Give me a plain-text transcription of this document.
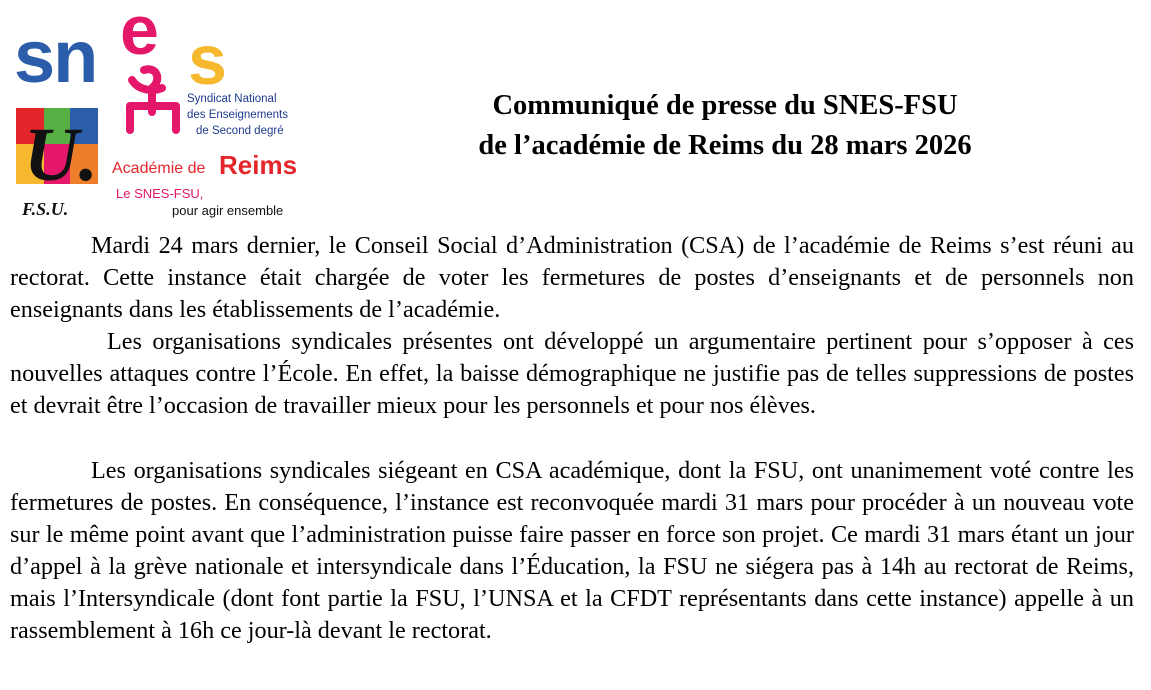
sn e s
U.
F.S.U.
Syndicat National
des Enseignements
de Second degré
Académie de Reims
Le SNES-FSU,
pour agir ensemble
Communiqué de presse du SNES-FSU
de l’académie de Reims du 28 mars 2026

Mardi 24 mars dernier, le Conseil Social d’Administration (CSA) de l’académie de Reims s’est réuni au rectorat. Cette instance était chargée de voter les fermetures de postes d’enseignants et de personnels non enseignants dans les établissements de l’académie.

Les organisations syndicales présentes ont développé un argumentaire pertinent pour s’opposer à ces nouvelles attaques contre l’École. En effet, la baisse démographique ne justifie pas de telles suppressions de postes et devrait être l’occasion de travailler mieux pour les personnels et pour nos élèves.

Les organisations syndicales siégeant en CSA académique, dont la FSU, ont unanimement voté contre les fermetures de postes. En conséquence, l’instance est reconvoquée mardi 31 mars pour procéder à un nouveau vote sur le même point avant que l’administration puisse faire passer en force son projet. Ce mardi 31 mars étant un jour d’appel à la grève nationale et intersyndicale dans l’Éducation, la FSU ne siégera pas à 14h au rectorat de Reims, mais l’Intersyndicale (dont font partie la FSU, l’UNSA et la CFDT représentants dans cette instance) appelle à un rassemblement à 16h ce jour-là devant le rectorat.
